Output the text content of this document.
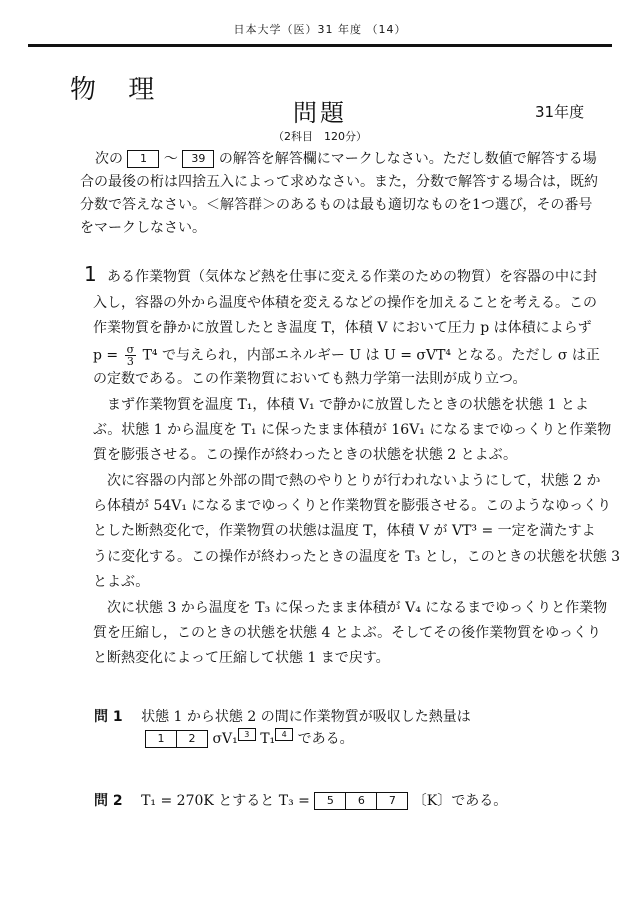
日本大学（医）31 年度 （14）
物 理
問題	31年度
（2科目　120分）
次の 1 〜 39 の解答を解答欄にマークしなさい。ただし数値で解答する場
合の最後の桁は四捨五入によって求めなさい。また，分数で解答する場合は，既約
分数で答えなさい。＜解答群＞のあるものは最も適切なものを1つ選び，その番号
をマークしなさい。
1 ある作業物質（気体など熱を仕事に変える作業のための物質）を容器の中に封
入し，容器の外から温度や体積を変えるなどの操作を加えることを考える。この
作業物質を静かに放置したとき温度 T，体積 V において圧力 p は体積によらず
$p = \frac{\sigma}{3} T^4$ で与えられ，内部エネルギー U は U = σVT⁴ となる。ただし σ は正
の定数である。この作業物質においても熱力学第一法則が成り立つ。
まず作業物質を温度 T₁，体積 V₁ で静かに放置したときの状態を状態 1 とよ
ぶ。状態 1 から温度を T₁ に保ったまま体積が 16V₁ になるまでゆっくりと作業物
質を膨張させる。この操作が終わったときの状態を状態 2 とよぶ。
次に容器の内部と外部の間で熱のやりとりが行われないようにして，状態 2 か
ら体積が 54V₁ になるまでゆっくりと作業物質を膨張させる。このようなゆっくり
とした断熱変化で，作業物質の状態は温度 T，体積 V が VT³ = 一定を満たすよ
うに変化する。この操作が終わったときの温度を T₃ とし，このときの状態を状態 3
とよぶ。
次に状態 3 から温度を T₃ に保ったまま体積が V₄ になるまでゆっくりと作業物
質を圧縮し，このときの状態を状態 4 とよぶ。そしてその後作業物質をゆっくり
と断熱変化によって圧縮して状態 1 まで戻す。
問 1 状態 1 から状態 2 の間に作業物質が吸収した熱量は
1	2	σV₁ 3 T₁ 4 である。
問 2 T₁ = 270K とすると T₃ =	5	6	7	〔K〕である。
